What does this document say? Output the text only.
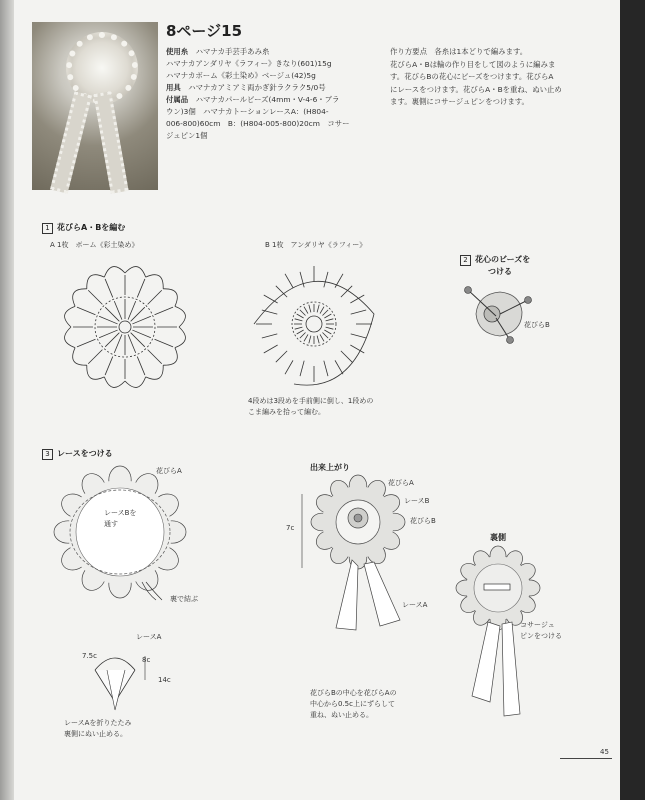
8ページ15
使用糸　 ハマナカ手芸手あみ糸
ハマナカアンダリヤ《ラフィー》きなり(601)15g
ハマナカボーム《彩土染め》ベージュ(42)5g
用具　 ハマナカアミアミ両かぎ針ラクラク5/0号
付属品　 ハマナカパールビーズ(4mm・V-4-6・ブラ
ウン)3個　ハマナカトーションレースA：(H804-
006-800)60cm　B：(H804-005-800)20cm　コサー
ジュピン1個
作り方要点　各糸は1本どりで編みます。
花びらA・Bは輪の作り目をして図のように編みま
す。花びらBの花心にビーズをつけます。花びらA
にレースをつけます。花びらA・Bを重ね、ぬい止め
ます。裏側にコサージュピンをつけます。
1 花びらA・Bを編む
A 1枚　ボーム《彩土染め》	B 1枚　アンダリヤ《ラフィー》
4段めは3段めを手前側に倒し、1段めの
こま編みを拾って編む。
2 花心のビーズを
つける
花びらB
3 レースをつける
花びらA
レースBを
通す
裏で結ぶ
レースA
7.5c	8c
14c
レースAを折りたたみ
裏側にぬい止める。
出来上がり
花びらA
レースB
花びらB
7c
レースA
花びらBの中心を花びらAの
中心から0.5c上にずらして
重ね、ぬい止める。
裏側
コサージュ
ピンをつける
45
